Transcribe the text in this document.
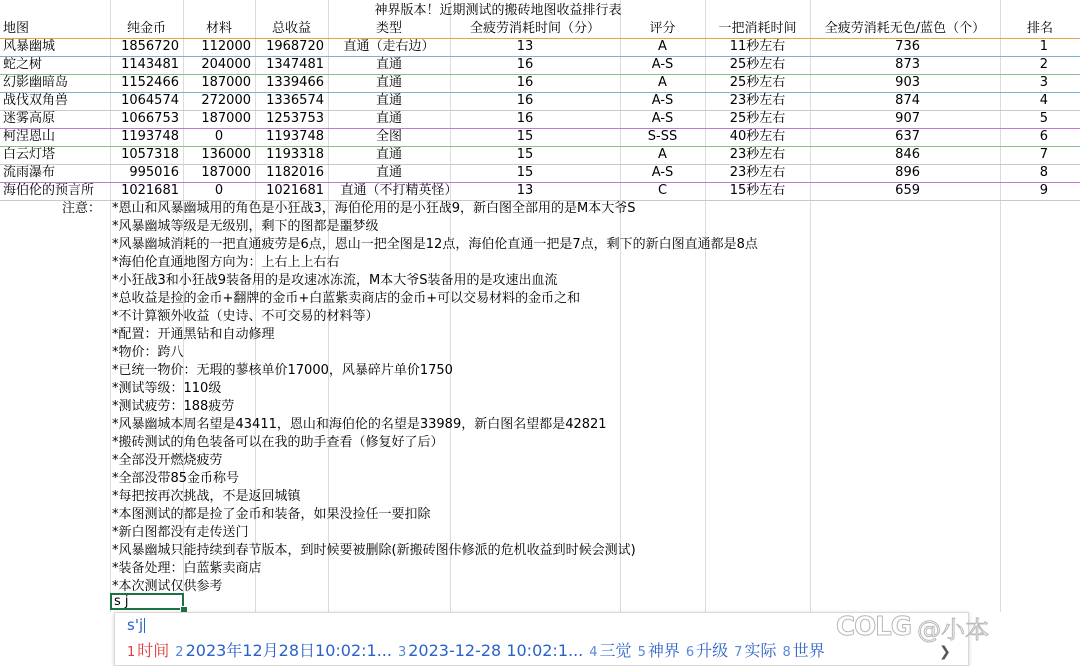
神界版本！近期测试的搬砖地图收益排行表
地图	纯金币	材料	总收益	类型	全疲劳消耗时间（分）	评分	一把消耗时间	全疲劳消耗无色/蓝色（个）	排名
风暴幽城	1856720	112000	1968720	直通（走右边）	13	A	11秒左右	736	1
蛇之树	1143481	204000	1347481	直通	16	A-S	25秒左右	873	2
幻影幽暗岛	1152466	187000	1339466	直通	16	A	25秒左右	903	3
战伐双角兽	1064574	272000	1336574	直通	16	A-S	23秒左右	874	4
迷雾高原	1066753	187000	1253753	直通	16	A-S	25秒左右	907	5
柯涅恩山	1193748	0	1193748	全图	15	S-SS	40秒左右	637	6
白云灯塔	1057318	136000	1193318	直通	15	A	23秒左右	846	7
流雨瀑布	995016	187000	1182016	直通	15	A-S	23秒左右	896	8
海伯伦的预言所	1021681	0	1021681	直通（不打精英怪）	13	C	15秒左右	659	9
注意： *恩山和风暴幽城用的角色是小狂战3，海伯伦用的是小狂战9，新白图全部用的是M本大爷S
*风暴幽城等级是无级别，剩下的图都是噩梦级
*风暴幽城消耗的一把直通疲劳是6点，恩山一把全图是12点，海伯伦直通一把是7点，剩下的新白图直通都是8点
*海伯伦直通地图方向为：上右上上右右
*小狂战3和小狂战9装备用的是攻速冰冻流，M本大爷S装备用的是攻速出血流
*总收益是捡的金币+翻牌的金币+白蓝紫卖商店的金币+可以交易材料的金币之和
*不计算额外收益（史诗、不可交易的材料等）
*配置：开通黑钻和自动修理
*物价：跨八
*已统一物价：无瑕的蓼核单价17000，风暴碎片单价1750
*测试等级：110级
*测试疲劳：188疲劳
*风暴幽城本周名望是43411，恩山和海伯伦的名望是33989，新白图名望都是42821
*搬砖测试的角色装备可以在我的助手查看（修复好了后）
*全部没开燃烧疲劳
*全部没带85金币称号
*每把按再次挑战，不是返回城镇
*本图测试的都是捡了金币和装备，如果没捡任一要扣除
*新白图都没有走传送门
*风暴幽城只能持续到春节版本，到时候要被删除(新搬砖图佧修派的危机收益到时候会测试)
*装备处理：白蓝紫卖商店
*本次测试仅供参考
s j
s'j
1 时间 2 2023年12月28日10:02:1... 3 2023-12-28 10:02:1... 4 三觉 5 神界 6 升级 7 实际 8 世界	❯
COLG @小本
